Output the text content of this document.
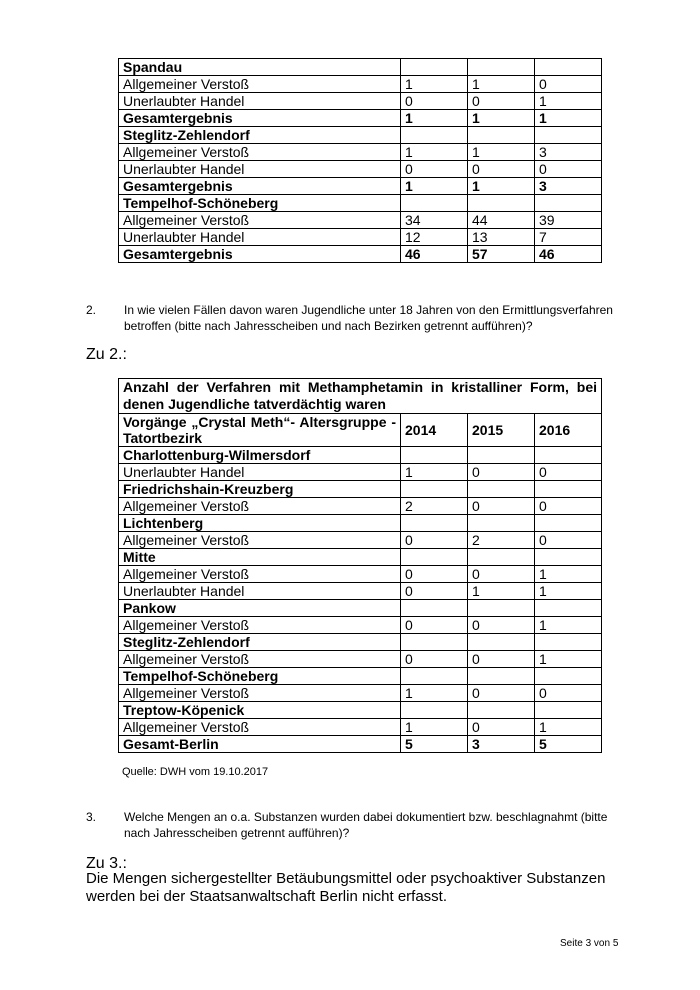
Spandau			
Allgemeiner Verstoß	1	1	0
Unerlaubter Handel	0	0	1
Gesamtergebnis	1	1	1
Steglitz-Zehlendorf			
Allgemeiner Verstoß	1	1	3
Unerlaubter Handel	0	0	0
Gesamtergebnis	1	1	3
Tempelhof-Schöneberg			
Allgemeiner Verstoß	34	44	39
Unerlaubter Handel	12	13	7
Gesamtergebnis	46	57	46
2. In wie vielen Fällen davon waren Jugendliche unter 18 Jahren von den Ermittlungsverfahren betroffen (bitte nach Jahresscheiben und nach Bezirken getrennt aufführen)?
Zu 2.:
Anzahl der Verfahren mit Methamphetamin in kristalliner Form, bei denen Jugendliche tatverdächtig waren			
Vorgänge „Crystal Meth“- Altersgruppe -Tatortbezirk	2014	2015	2016
Charlottenburg-Wilmersdorf			
Unerlaubter Handel	1	0	0
Friedrichshain-Kreuzberg			
Allgemeiner Verstoß	2	0	0
Lichtenberg			
Allgemeiner Verstoß	0	2	0
Mitte			
Allgemeiner Verstoß	0	0	1
Unerlaubter Handel	0	1	1
Pankow			
Allgemeiner Verstoß	0	0	1
Steglitz-Zehlendorf			
Allgemeiner Verstoß	0	0	1
Tempelhof-Schöneberg			
Allgemeiner Verstoß	1	0	0
Treptow-Köpenick			
Allgemeiner Verstoß	1	0	1
Gesamt-Berlin	5	3	5
Quelle: DWH vom 19.10.2017
3. Welche Mengen an o.a. Substanzen wurden dabei dokumentiert bzw. beschlagnahmt (bitte nach Jahresscheiben getrennt aufführen)?
Zu 3.:
Die Mengen sichergestellter Betäubungsmittel oder psychoaktiver Substanzen werden bei der Staatsanwaltschaft Berlin nicht erfasst.
Seite 3 von 5
